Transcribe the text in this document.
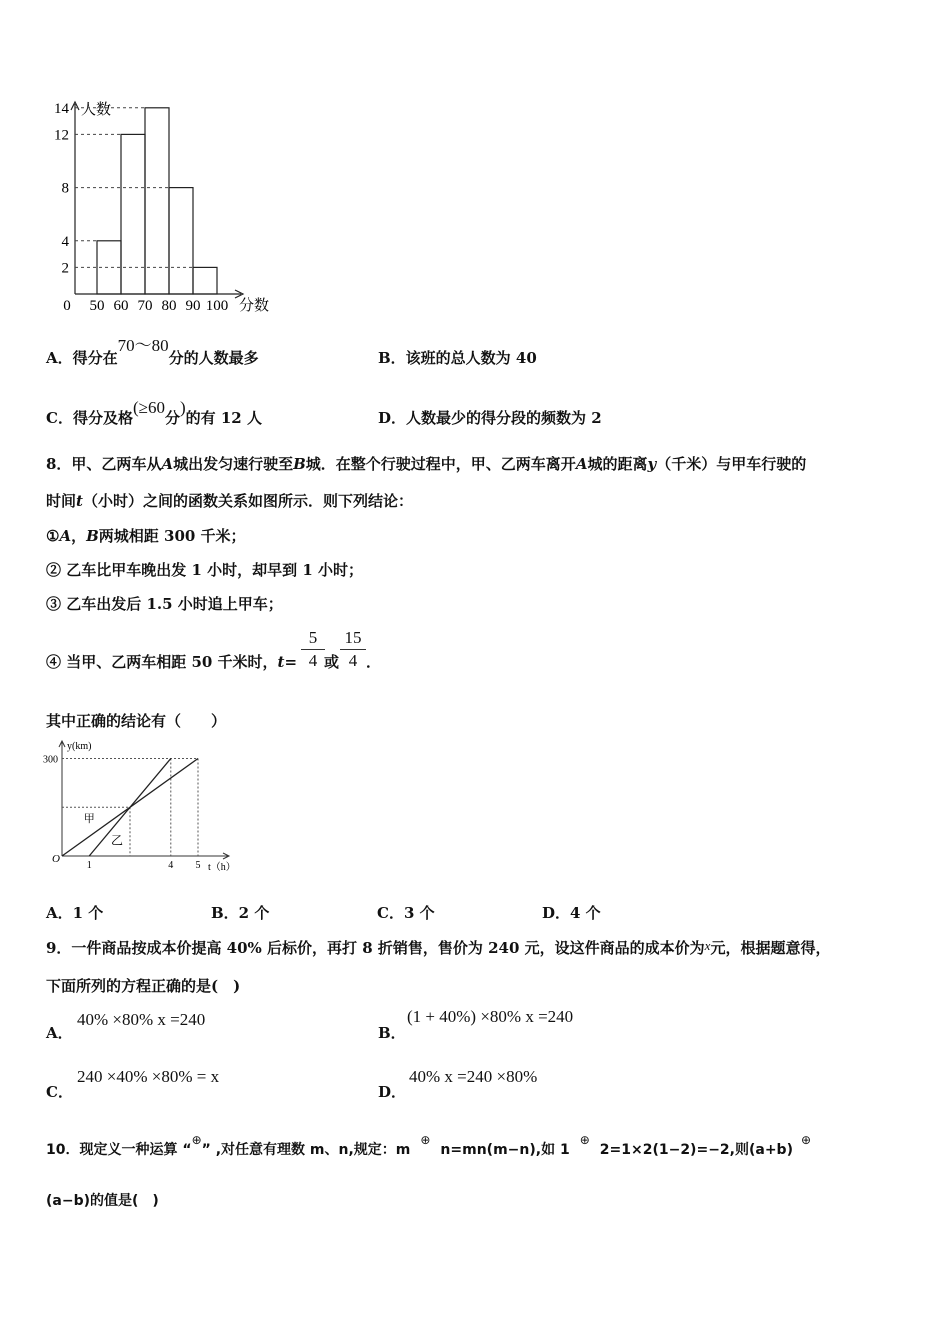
人数
分数
2
4
8
12
14
0 50 60 70 80 90 100
A．得分在70～80分的人数最多	B．该班的总人数为 40
C．得分及格(≥60分)的有 12 人	D．人数最少的得分段的频数为 2
8．甲、乙两车从A城出发匀速行驶至B城．在整个行驶过程中，甲、乙两车离开A城的距离y（千米）与甲车行驶的
时间t（小时）之间的函数关系如图所示．则下列结论：
①A，B两城相距 300 千米；
② 乙车比甲车晚出发 1 小时，却早到 1 小时；
③ 乙车出发后 1.5 小时追上甲车；
④ 当甲、乙两车相距 50 千米时，$t= \frac{5}{4}$ 或 $\frac{15}{4}$ ．
其中正确的结论有（　　）
y(km)
t（h）
O
300
甲
乙
1	4 5
A．1 个	B．2 个	C．3 个	D．4 个
9．一件商品按成本价提高 40% 后标价，再打 8 折销售，售价为 240 元，设这件商品的成本价为x元，根据题意得，
下面所列的方程正确的是(　)
A．
40% ×80% x =240
B．
(1 + 40%) ×80% x =240
C．
240 ×40% ×80% = x
D．
40% x =240 ×80%
10．现定义一种运算 “⊕” ,对任意有理数 m、n,规定：m⊕n=mn(m−n),如 1⊕2=1×2(1−2)=−2,则(a+b)⊕
(a−b)的值是(　)
